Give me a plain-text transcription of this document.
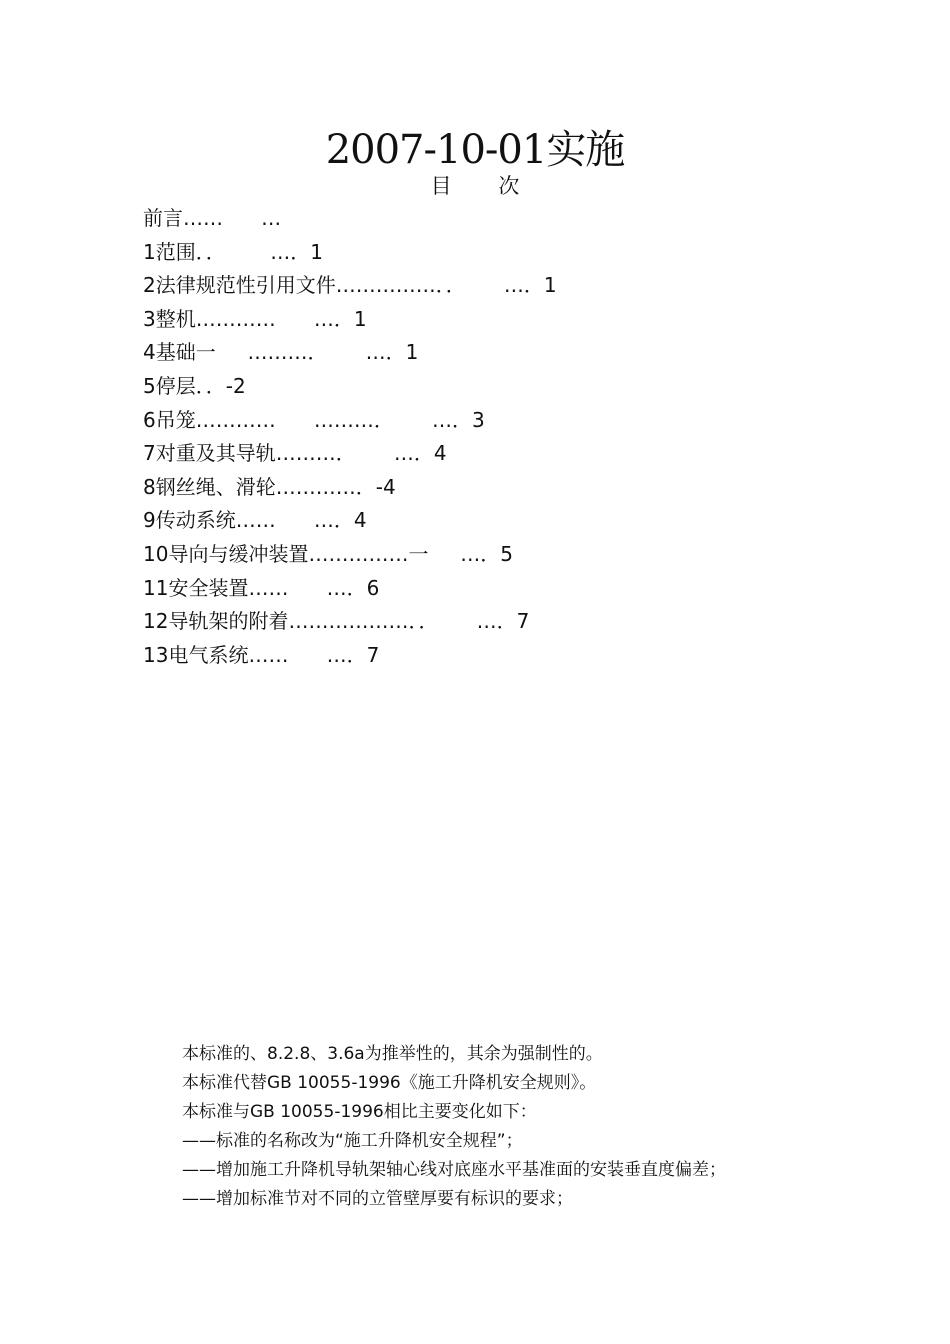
2007-10-01实施
目 次
前言……      …
1范围．．       …．1
2法律规范性引用文件……………．．      …．1
3整机…………      …．1
4基础一     ………．      …．1
5停层．．-2
6吊笼…………      ………．      …．3
7对重及其导轨………．      …．4
8钢丝绳、滑轮…………．-4
9传动系统……      …．4
10导向与缓冲装置……………一     …．5
11安全装置……      …．6
12导轨架的附着………………．．      …．7
13电气系统……      …．7
本标准的、8.2.8、3.6a为推举性的，其余为强制性的。
本标准代替GB 10055-1996《施工升降机安全规则》。
本标准与GB 10055-1996相比主要变化如下：
——标准的名称改为“施工升降机安全规程”；
——增加施工升降机导轨架轴心线对底座水平基准面的安装垂直度偏差；
——增加标准节对不同的立管壁厚要有标识的要求；
